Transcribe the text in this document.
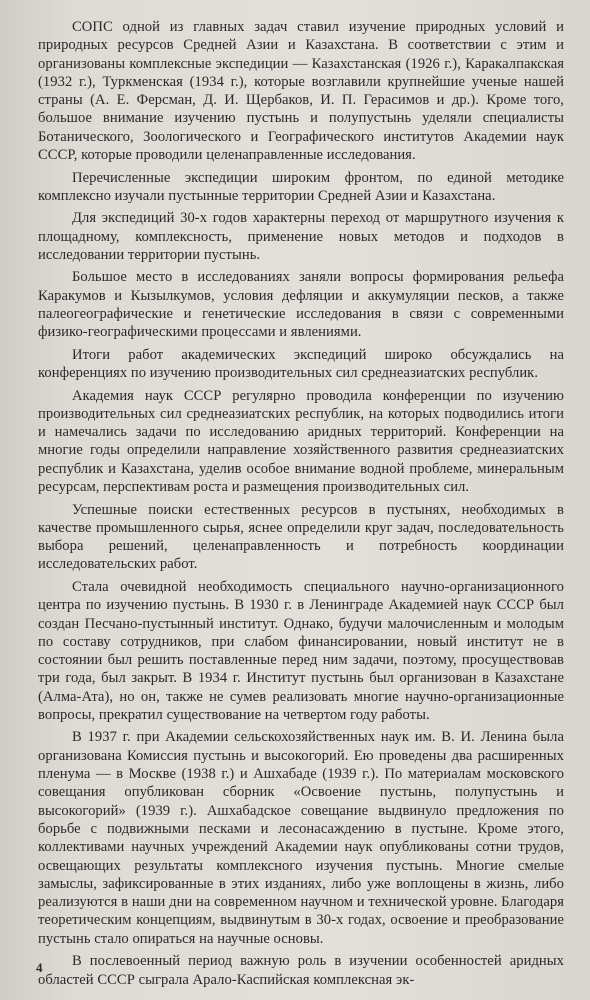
СОПС одной из главных задач ставил изучение природных условий и природных ресурсов Средней Азии и Казахстана. В соответствии с этим и организованы комплексные экспедиции — Казахстанская (1926 г.), Каракалпакская (1932 г.), Туркменская (1934 г.), которые возглавили крупнейшие ученые нашей страны (А. Е. Ферсман, Д. И. Щербаков, И. П. Герасимов и др.). Кроме того, большое внимание изучению пустынь и полупустынь уделяли специалисты Ботанического, Зоологического и Географического институтов Академии наук СССР, которые проводили целенаправленные исследования.

Перечисленные экспедиции широким фронтом, по единой методике комплексно изучали пустынные территории Средней Азии и Казахстана.

Для экспедиций 30-х годов характерны переход от маршрутного изучения к площадному, комплексность, применение новых методов и подходов в исследовании территории пустынь.

Большое место в исследованиях заняли вопросы формирования рельефа Каракумов и Кызылкумов, условия дефляции и аккумуляции песков, а также палеогеографические и генетические исследования в связи с современными физико-географическими процессами и явлениями.

Итоги работ академических экспедиций широко обсуждались на конференциях по изучению производительных сил среднеазиатских республик.

Академия наук СССР регулярно проводила конференции по изучению производительных сил среднеазиатских республик, на которых подводились итоги и намечались задачи по исследованию аридных территорий. Конференции на многие годы определили направление хозяйственного развития среднеазиатских республик и Казахстана, уделив особое внимание водной проблеме, минеральным ресурсам, перспективам роста и размещения производительных сил.

Успешные поиски естественных ресурсов в пустынях, необходимых в качестве промышленного сырья, яснее определили круг задач, последовательность выбора решений, целенаправленность и потребность координации исследовательских работ.

Стала очевидной необходимость специального научно-организационного центра по изучению пустынь. В 1930 г. в Ленинграде Академией наук СССР был создан Песчано-пустынный институт. Однако, будучи малочисленным и молодым по составу сотрудников, при слабом финансировании, новый институт не в состоянии был решить поставленные перед ним задачи, поэтому, просуществовав три года, был закрыт. В 1934 г. Институт пустынь был организован в Казахстане (Алма-Ата), но он, также не сумев реализовать многие научно-организационные вопросы, прекратил существование на четвертом году работы.

В 1937 г. при Академии сельскохозяйственных наук им. В. И. Ленина была организована Комиссия пустынь и высокогорий. Ею проведены два расширенных пленума — в Москве (1938 г.) и Ашхабаде (1939 г.). По материалам московского совещания опубликован сборник «Освоение пустынь, полупустынь и высокогорий» (1939 г.). Ашхабадское совещание выдвинуло предложения по борьбе с подвижными песками и лесонасаждению в пустыне. Кроме этого, коллективами научных учреждений Академии наук опубликованы сотни трудов, освещающих результаты комплексного изучения пустынь. Многие смелые замыслы, зафиксированные в этих изданиях, либо уже воплощены в жизнь, либо реализуются в наши дни на современном научном и технической уровне. Благодаря теоретическим концепциям, выдвинутым в 30-х годах, освоение и преобразование пустынь стало опираться на научные основы.

В послевоенный период важную роль в изучении особенностей аридных областей СССР сыграла Арало-Каспийская комплексная эк-

4
